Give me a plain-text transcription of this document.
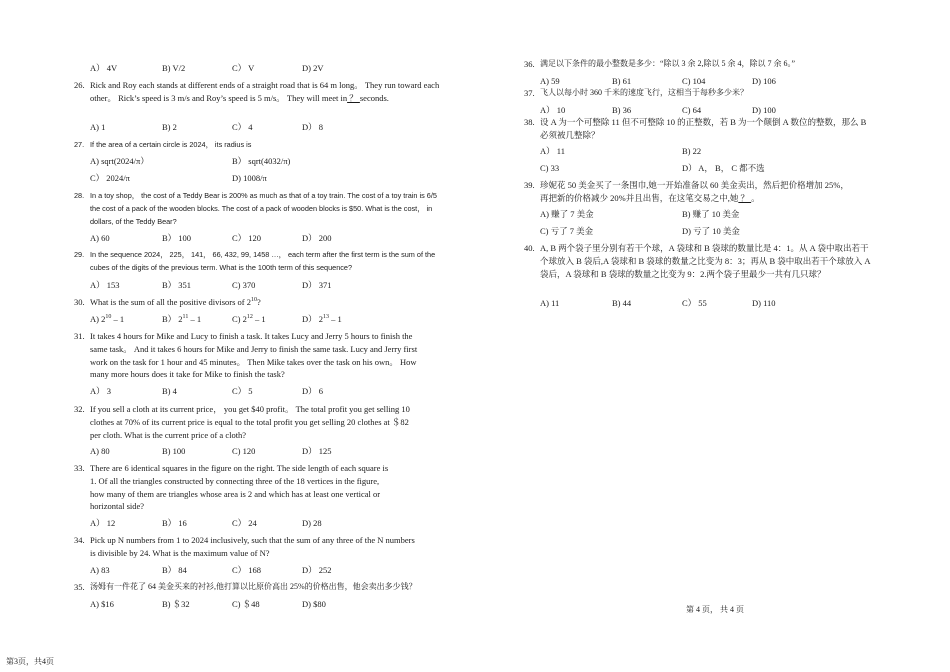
A） 4V	B) V/2	C） V	D) 2V
26. Rick and Roy each stands at different ends of a straight road that is 64 m long。 They run toward each other。 Rick’s speed is 3 m/s and Roy’s speed is 5 m/s。 They will meet in ？ seconds.
A) 1	B) 2	C） 4	D） 8
27. If the area of a certain circle is 2024， its radius is
A) sqrt(2024/π）	B） sqrt(4032/π)
C） 2024/π	D) 1008/π
28. In a toy shop， the cost of a Teddy Bear is 200% as much as that of a toy train. The cost of a toy train is 6/5 the cost of a pack of the wooden blocks. The cost of a pack of wooden blocks is $50. What is the cost， in dollars, of the Teddy Bear?
A) 60	B） 100	C） 120	D） 200
29. In the sequence 2024， 225， 141， 66, 432, 99, 1458 …， each term after the first term is the sum of the cubes of the digits of the previous term. What is the 100th term of this sequence?
A） 153	B） 351	C) 370	D） 371
30. What is the sum of all the positive divisors of $2^{10}$?
A) $2^{10} - 1$	B） $2^{11} - 1$	C) $2^{12} - 1$	D） $2^{13} - 1$
31. It takes 4 hours for Mike and Lucy to finish a task. It takes Lucy and Jerry 5 hours to finish the same task。 And it takes 6 hours for Mike and Jerry to finish the same task. Lucy and Jerry first work on the task for 1 hour and 45 minutes。 Then Mike takes over the task on his own。 How many more hours does it take for Mike to finish the task?
A） 3	B) 4	C） 5	D） 6
32. If you sell a cloth at its current price， you get $40 profit。 The total profit you get selling 10 clothes at 70% of its current price is equal to the total profit you get selling 20 clothes at ＄82 per cloth. What is the current price of a cloth?
A) 80	B) 100	C) 120	D） 125
33. There are 6 identical squares in the figure on the right. The side length of each square is 1. Of all the triangles constructed by connecting three of the 18 vertices in the figure, how many of them are triangles whose area is 2 and which has at least one vertical or horizontal side?
A） 12	B） 16	C） 24	D) 28
34. Pick up N numbers from 1 to 2024 inclusively, such that the sum of any three of the N numbers is divisible by 24. What is the maximum value of N?
A) 83	B） 84	C） 168	D） 252
35. 汤姆有一件花了 64 美金买来的衬衫,他打算以比原价高出 25%的价格出售，他会卖出多少钱？
A) $16	B) ＄32	C) ＄48	D) $80
第3页，共4页
36. 满足以下条件的最小整数是多少：“除以 3 余 2,除以 5 余 4，除以 7 余 6。”
A) 59	B) 61	C) 104	D) 106
37. 飞人以每小时 360 千米的速度飞行，这相当于每秒多少米？
A） 10	B) 36	C) 64	D) 100
38. 设 A 为一个可整除 11 但不可整除 10 的正整数，若 B 为一个颠倒 A 数位的整数，那么 B 必须被几整除？
A） 11	B) 22
C) 33	D） A， B， C 都不选
39. 珍妮花 50 美金买了一条围巾,她一开始准备以 60 美金卖出，然后把价格增加 25%，再把新的价格减少 20%并且出售，在这笔交易之中,她 ？ 。
A) 赚了 7 美金	B) 赚了 10 美金
C) 亏了 7 美金	D) 亏了 10 美金
40. A, B 两个袋子里分别有若干个球，A 袋球和 B 袋球的数量比是 4：1。从 A 袋中取出若干个球放入 B 袋后,A 袋球和 B 袋球的数量之比变为 8：3；再从 B 袋中取出若干个球放入 A 袋后，A 袋球和 B 袋球的数量之比变为 9：2.两个袋子里最少一共有几只球？
A) 11	B) 44	C） 55	D) 110
第 4 页， 共 4 页
